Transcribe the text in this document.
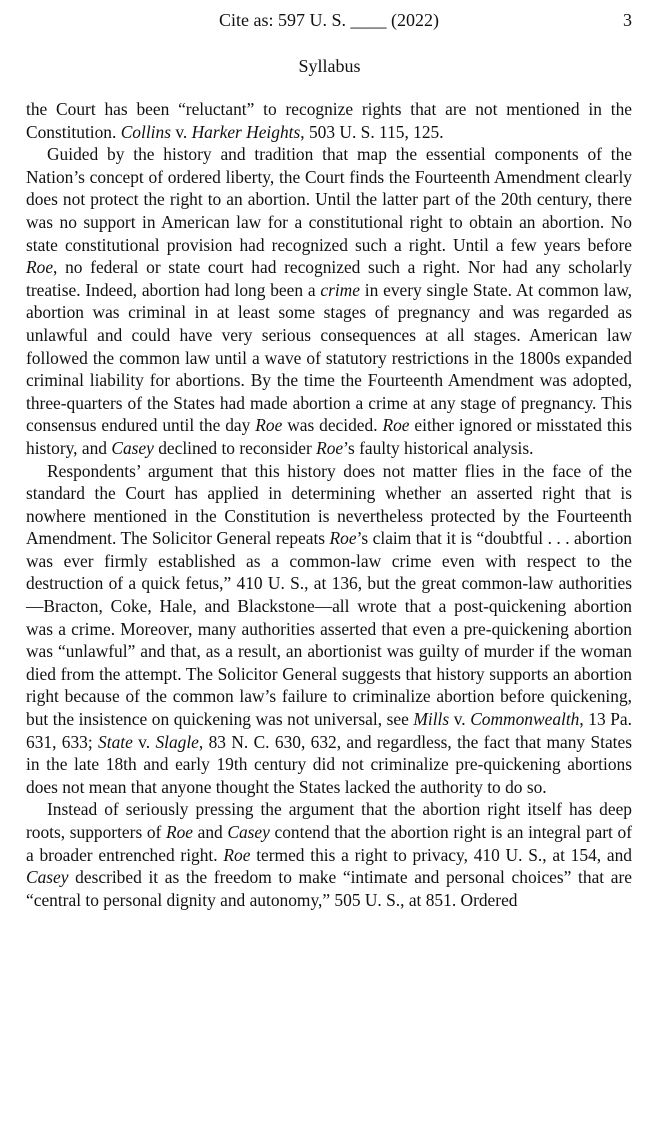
Cite as: 597 U. S. ____ (2022)	3
Syllabus

the Court has been “reluctant” to recognize rights that are not mentioned in the Constitution. Collins v. Harker Heights, 503 U. S. 115, 125.

Guided by the history and tradition that map the essential components of the Nation’s concept of ordered liberty, the Court finds the Fourteenth Amendment clearly does not protect the right to an abortion. Until the latter part of the 20th century, there was no support in American law for a constitutional right to obtain an abortion. No state constitutional provision had recognized such a right. Until a few years before Roe, no federal or state court had recognized such a right. Nor had any scholarly treatise. Indeed, abortion had long been a crime in every single State. At common law, abortion was criminal in at least some stages of pregnancy and was regarded as unlawful and could have very serious consequences at all stages. American law followed the common law until a wave of statutory restrictions in the 1800s expanded criminal liability for abortions. By the time the Fourteenth Amendment was adopted, three-quarters of the States had made abortion a crime at any stage of pregnancy. This consensus endured until the day Roe was decided. Roe either ignored or misstated this history, and Casey declined to reconsider Roe’s faulty historical analysis.

Respondents’ argument that this history does not matter flies in the face of the standard the Court has applied in determining whether an asserted right that is nowhere mentioned in the Constitution is nevertheless protected by the Fourteenth Amendment. The Solicitor General repeats Roe’s claim that it is “doubtful . . . abortion was ever firmly established as a common-law crime even with respect to the destruction of a quick fetus,” 410 U. S., at 136, but the great common-law authorities—Bracton, Coke, Hale, and Blackstone—all wrote that a post-quickening abortion was a crime. Moreover, many authorities asserted that even a pre-quickening abortion was “unlawful” and that, as a result, an abortionist was guilty of murder if the woman died from the attempt. The Solicitor General suggests that history supports an abortion right because of the common law’s failure to criminalize abortion before quickening, but the insistence on quickening was not universal, see Mills v. Commonwealth, 13 Pa. 631, 633; State v. Slagle, 83 N. C. 630, 632, and regardless, the fact that many States in the late 18th and early 19th century did not criminalize pre-quickening abortions does not mean that anyone thought the States lacked the authority to do so.

Instead of seriously pressing the argument that the abortion right itself has deep roots, supporters of Roe and Casey contend that the abortion right is an integral part of a broader entrenched right. Roe termed this a right to privacy, 410 U. S., at 154, and Casey described it as the freedom to make “intimate and personal choices” that are “central to personal dignity and autonomy,” 505 U. S., at 851. Ordered
